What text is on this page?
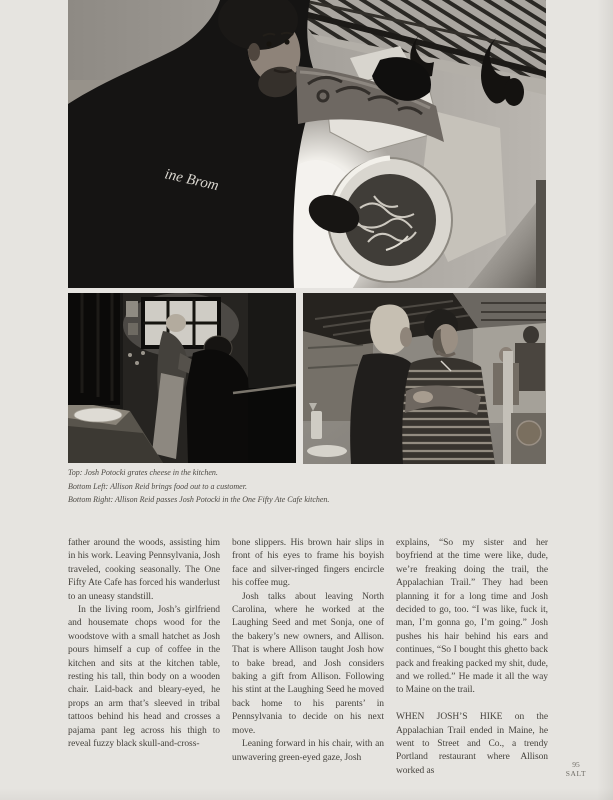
ine Brom

Top: Josh Potocki grates cheese in the kitchen.

Bottom Left: Allison Reid brings food out to a customer.

Bottom Right: Allison Reid passes Josh Potocki in the One Fifty Ate Cafe kitchen.

father around the woods, assisting him in his work. Leaving Pennsylvania, Josh traveled, cooking seasonally. The One Fifty Ate Cafe has forced his wanderlust to an uneasy standstill.

In the living room, Josh’s girlfriend and housemate chops wood for the woodstove with a small hatchet as Josh pours himself a cup of coffee in the kitchen and sits at the kitchen table, resting his tall, thin body on a wooden chair. Laid-back and bleary-eyed, he props an arm that’s sleeved in tribal tattoos behind his head and crosses a pajama pant leg across his thigh to reveal fuzzy black skull-and-cross-

bone slippers. His brown hair slips in front of his eyes to frame his boyish face and silver-ringed fingers encircle his coffee mug.

Josh talks about leaving North Carolina, where he worked at the Laughing Seed and met Sonja, one of the bakery’s new owners, and Allison. That is where Allison taught Josh how to bake bread, and Josh considers baking a gift from Allison. Following his stint at the Laughing Seed he moved back home to his parents’ in Pennsylvania to decide on his next move.

Leaning forward in his chair, with an unwavering green-eyed gaze, Josh

explains, “So my sister and her boyfriend at the time were like, dude, we’re freaking doing the trail, the Appalachian Trail.” They had been planning it for a long time and Josh decided to go, too. “I was like, fuck it, man, I’m gonna go, I’m going.” Josh pushes his hair behind his ears and continues, “So I bought this ghetto back pack and freaking packed my shit, dude, and we rolled.” He made it all the way to Maine on the trail.

WHEN JOSH’S HIKE on the Appalachian Trail ended in Maine, he went to Street and Co., a trendy Portland restaurant where Allison worked as

95
SALT
